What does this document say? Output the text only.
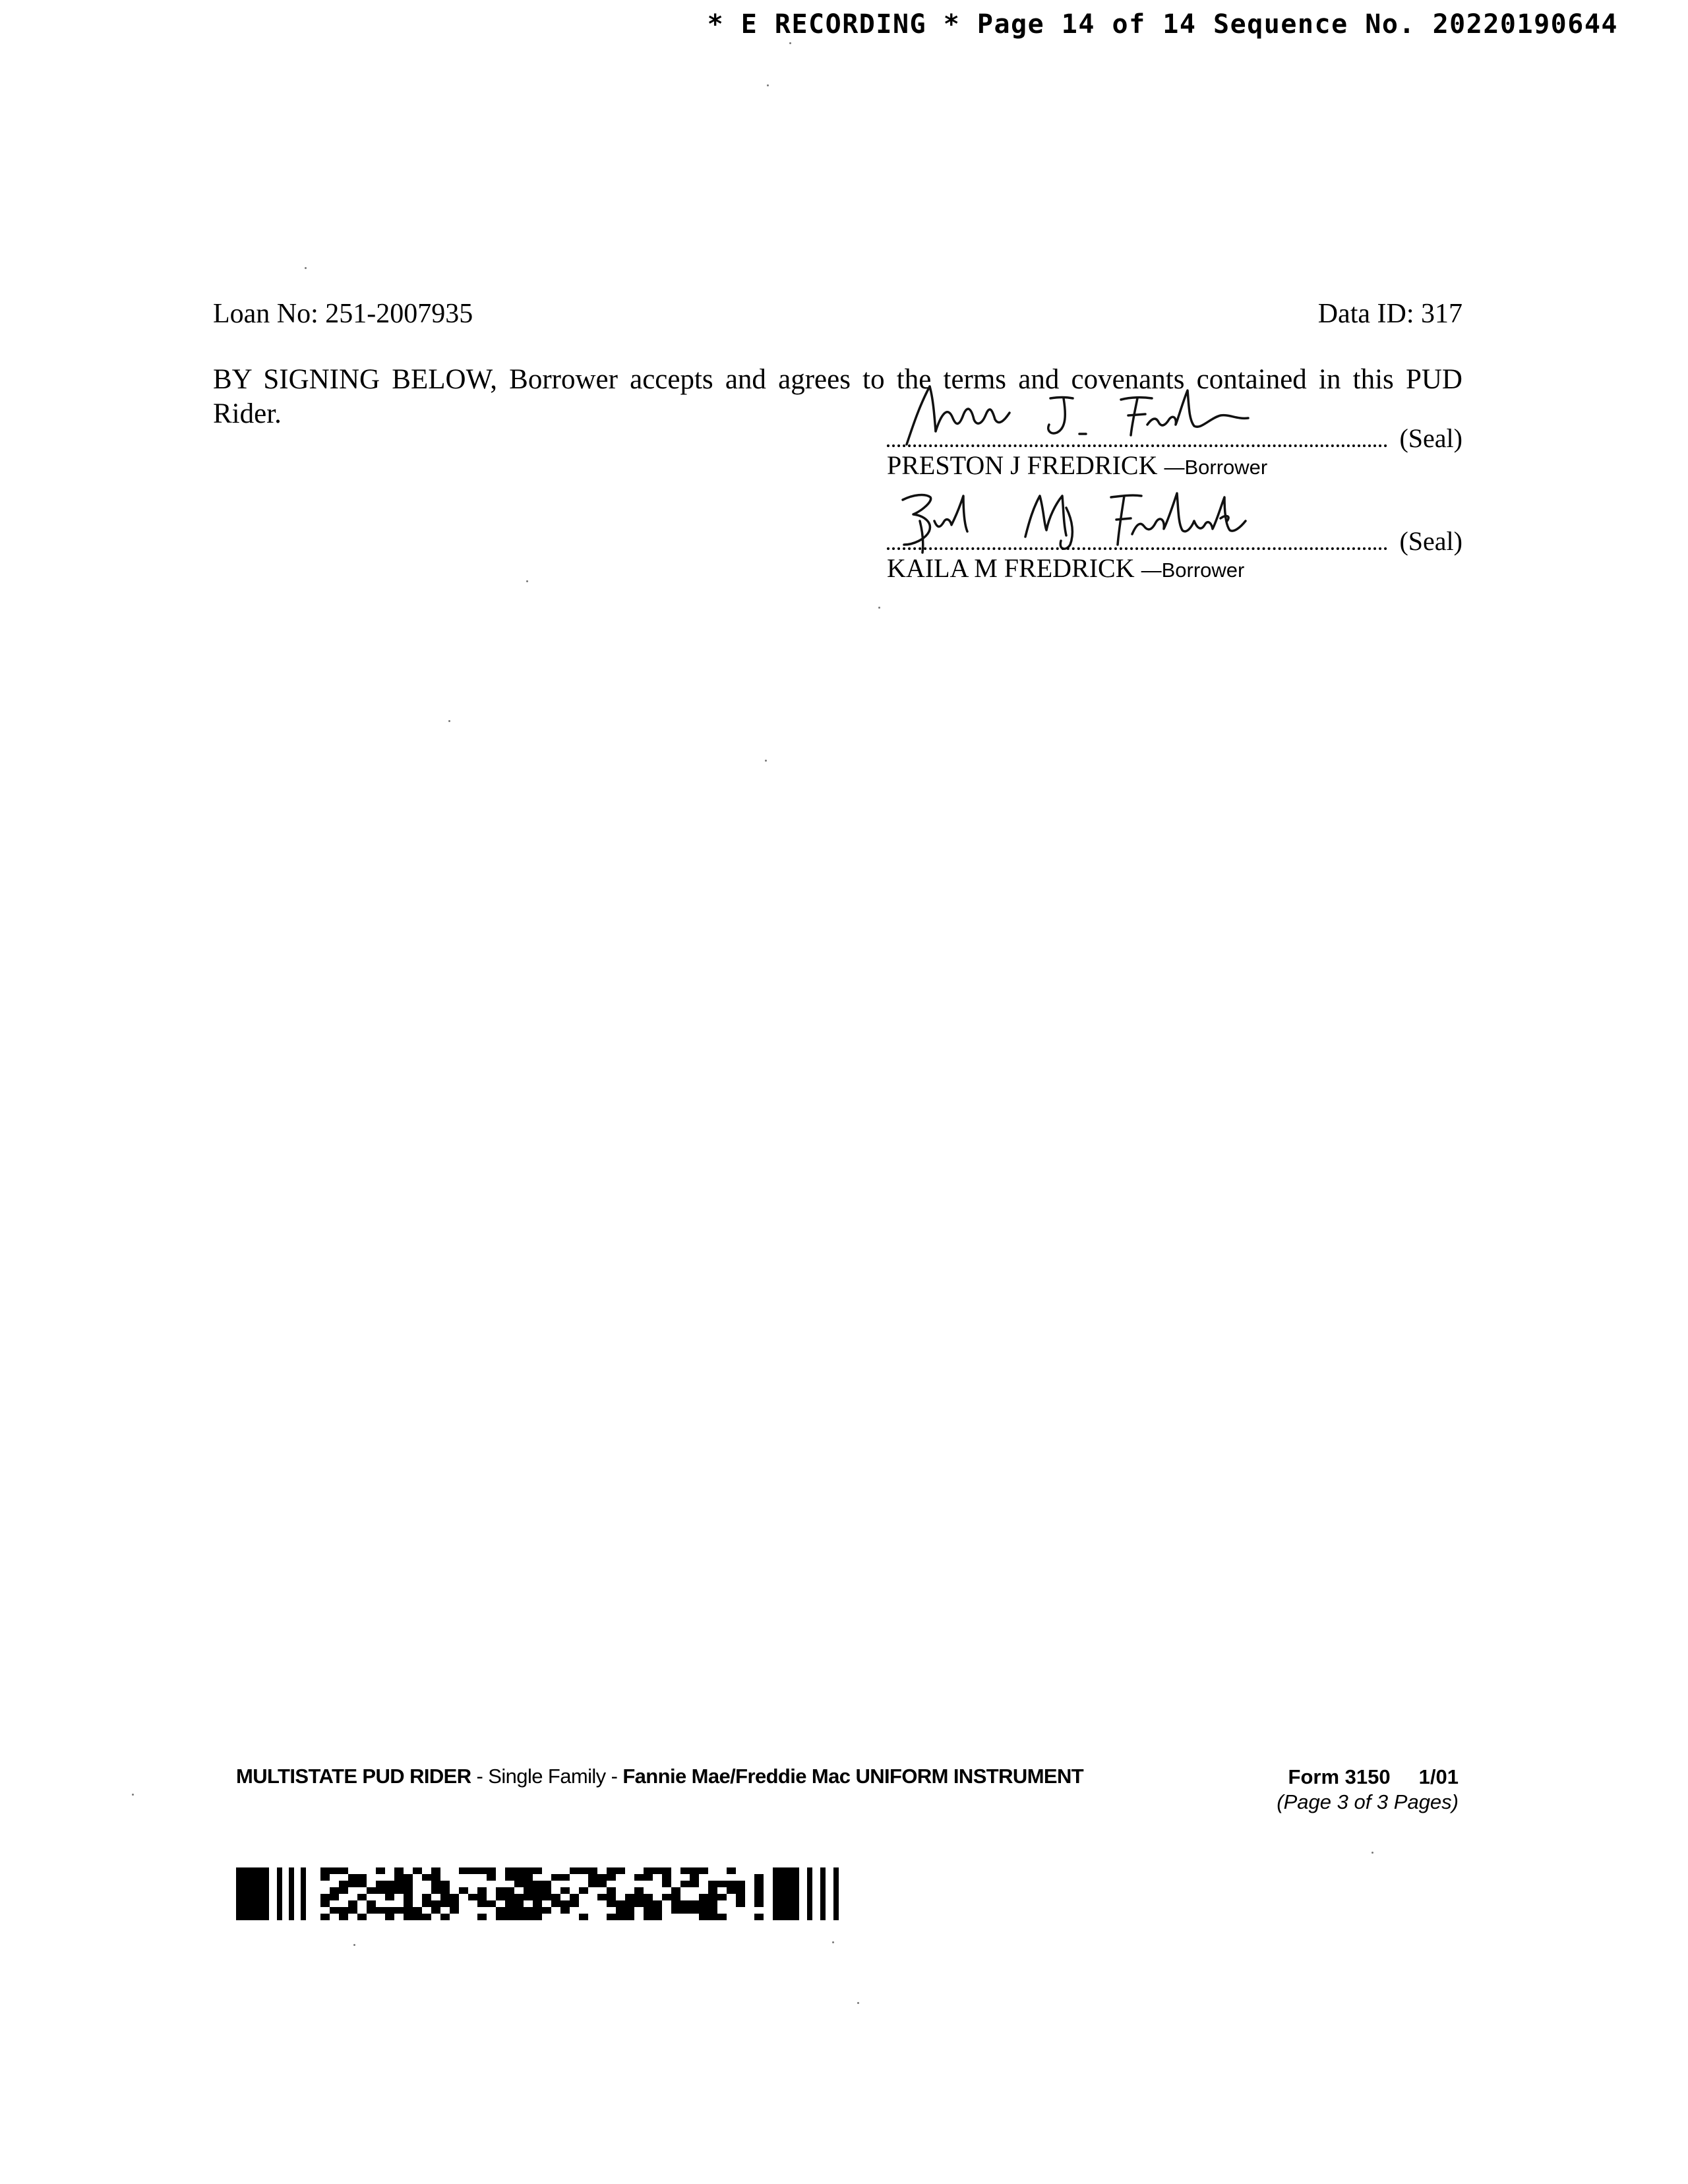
* E RECORDING * Page 14 of 14 Sequence No. 20220190644
Loan No: 251-2007935	Data ID: 317
BY SIGNING BELOW, Borrower accepts and agrees to the terms and covenants contained in this PUD Rider.
(Seal)
PRESTON J FREDRICK —Borrower
(Seal)
KAILA M FREDRICK —Borrower
MULTISTATE PUD RIDER - Single Family - Fannie Mae/Freddie Mac UNIFORM INSTRUMENT	Form 3150     1/01
(Page 3 of 3 Pages)
